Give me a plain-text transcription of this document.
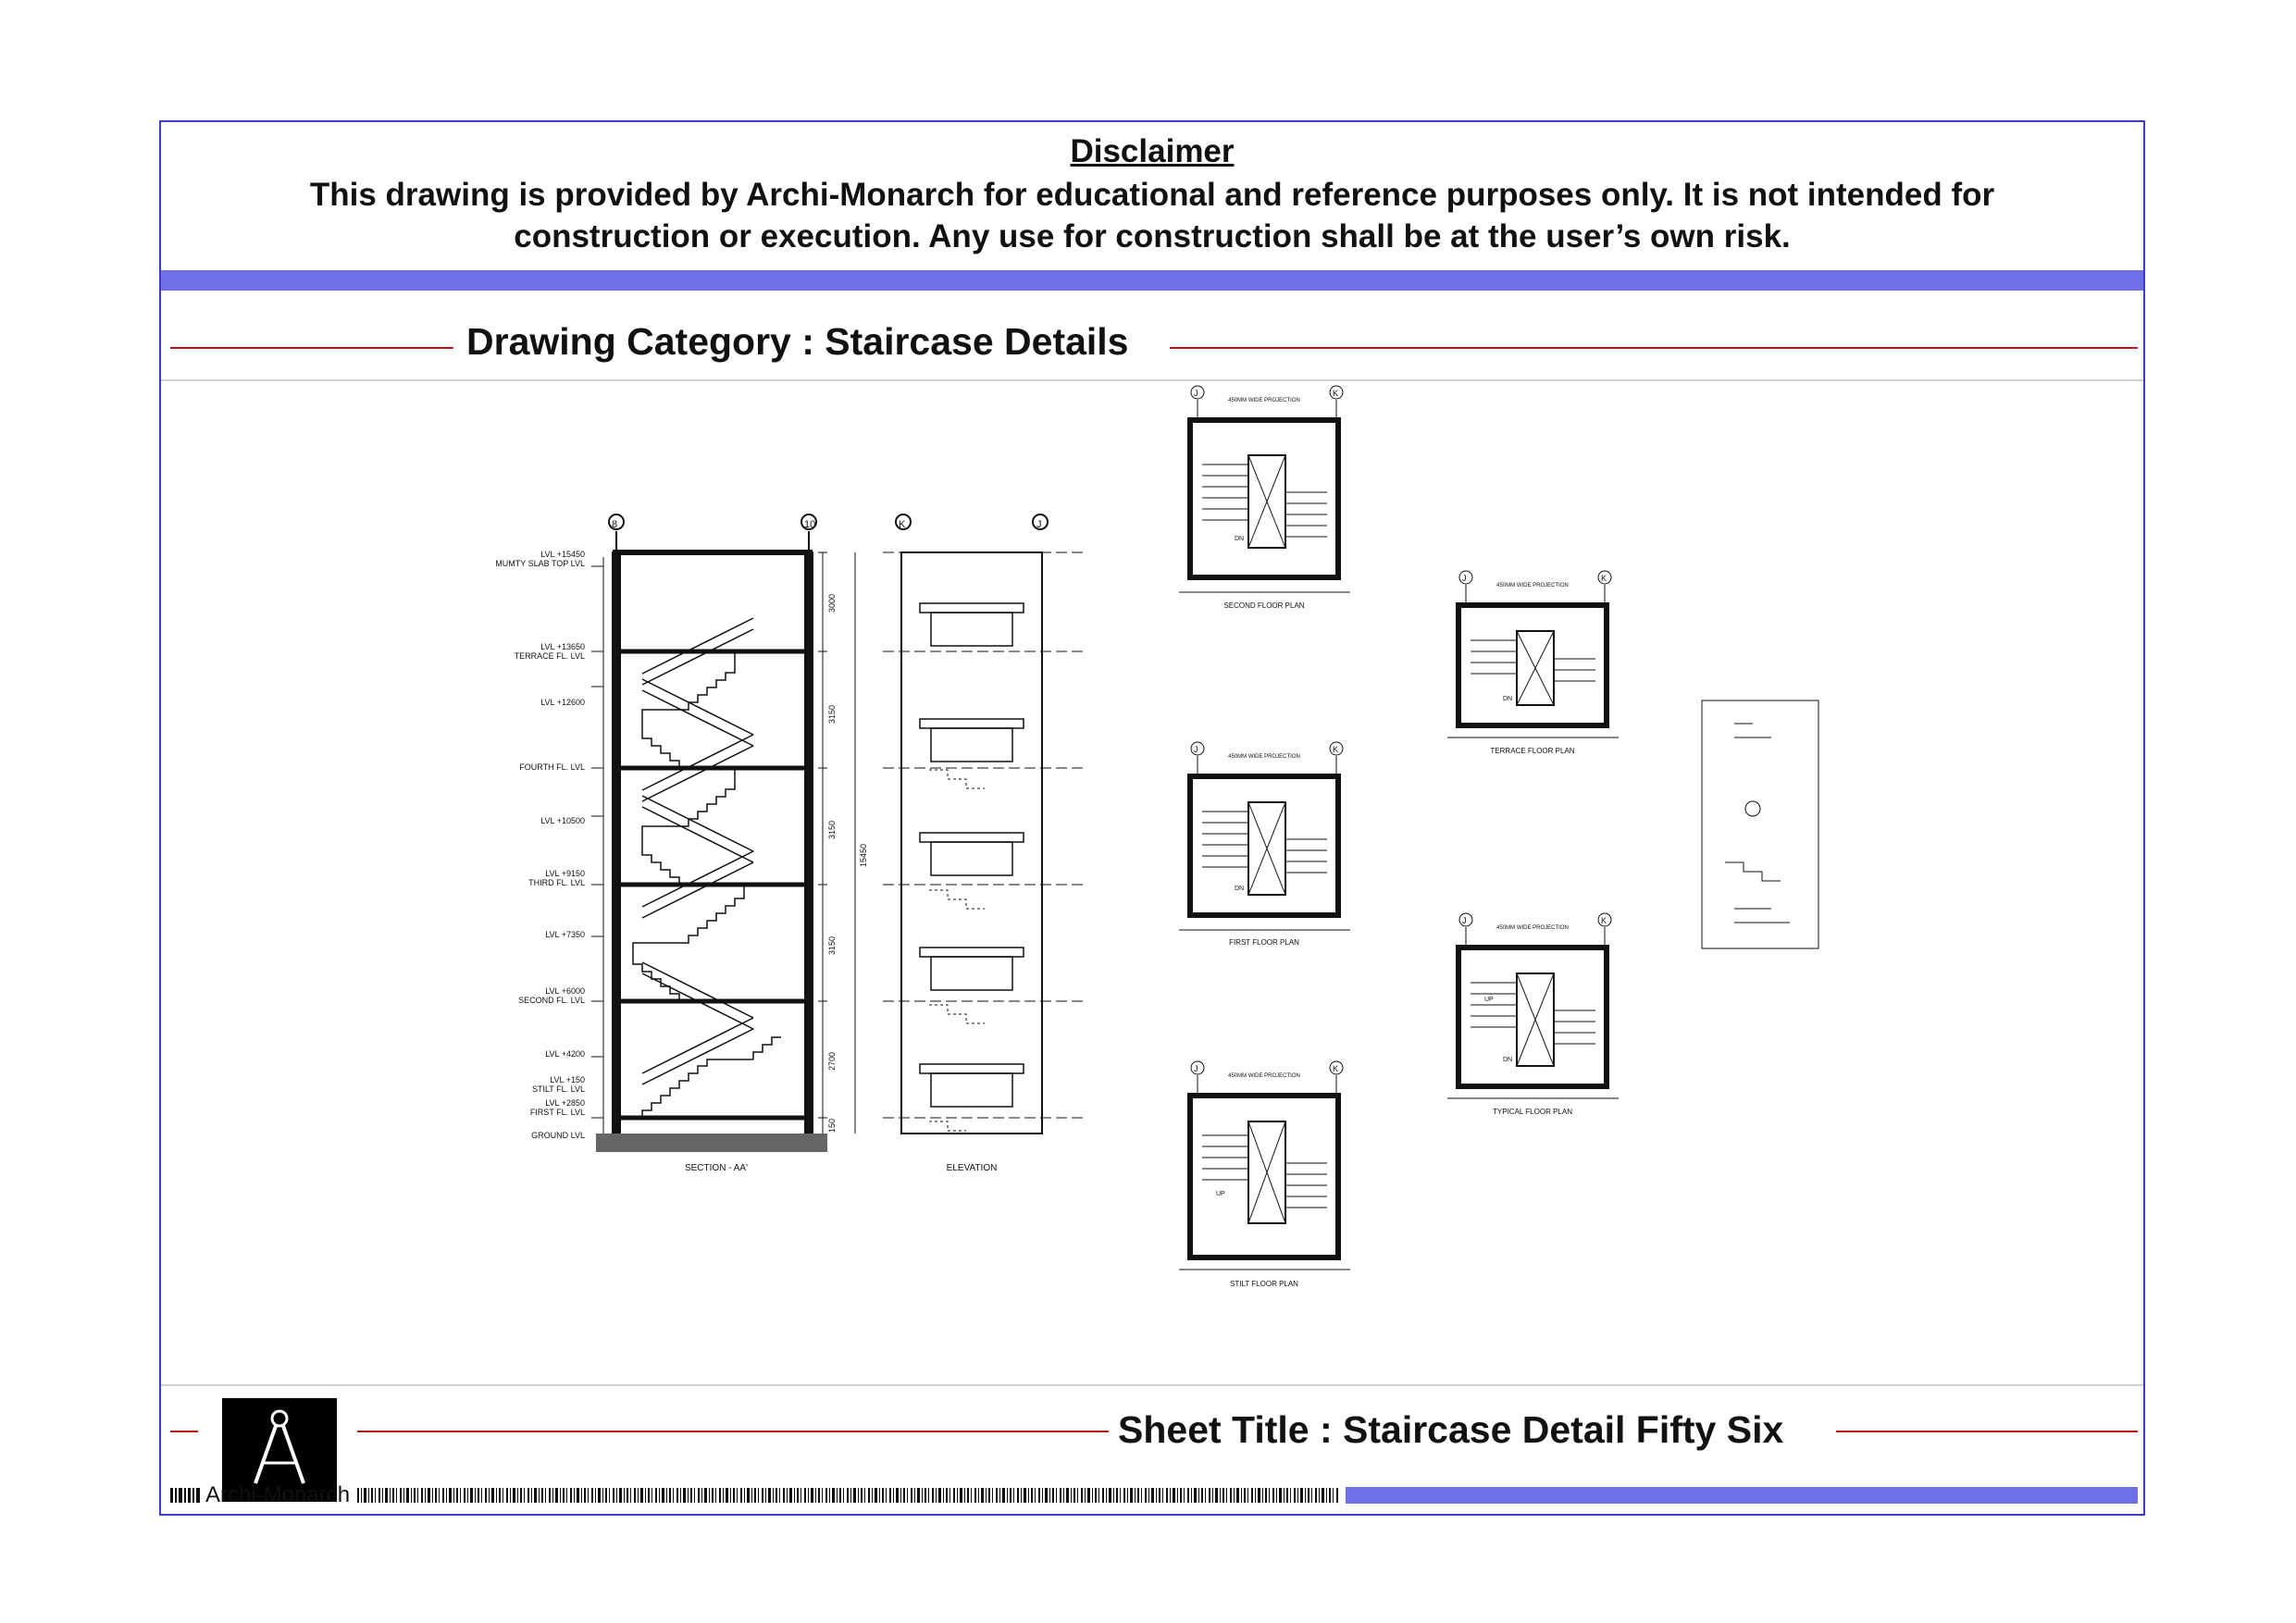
Disclaimer
This drawing is provided by Archi-Monarch for educational and reference purposes only. It is not intended for construction or execution. Any use for construction shall be at the user’s own risk.
Drawing Category : Staircase Details
8	10
3000
3150
3150
3150
2700
150
15450
LVL +15450
MUMTY SLAB TOP LVL
LVL +13650
TERRACE FL. LVL
LVL +12600
FOURTH FL. LVL
LVL +10500
LVL +9150
THIRD FL. LVL
LVL +7350
LVL +6000
SECOND FL. LVL
LVL +4200
LVL +2850
FIRST FL. LVL
LVL +150
STILT FL. LVL
GROUND LVL
SECTION - AA'
K	J
ELEVATION
J	K
450MM WIDE PROJECTION
DN
SECOND FLOOR PLAN
J	K
450MM WIDE PROJECTION
DN
FIRST FLOOR PLAN
J	K
450MM WIDE PROJECTION
UP
STILT FLOOR PLAN
J	K
450MM WIDE PROJECTION
DN
TERRACE FLOOR PLAN
J	K
450MM WIDE PROJECTION
UP
DN
TYPICAL FLOOR PLAN
Sheet Title : Staircase Detail Fifty Six
Archi-Monarch
